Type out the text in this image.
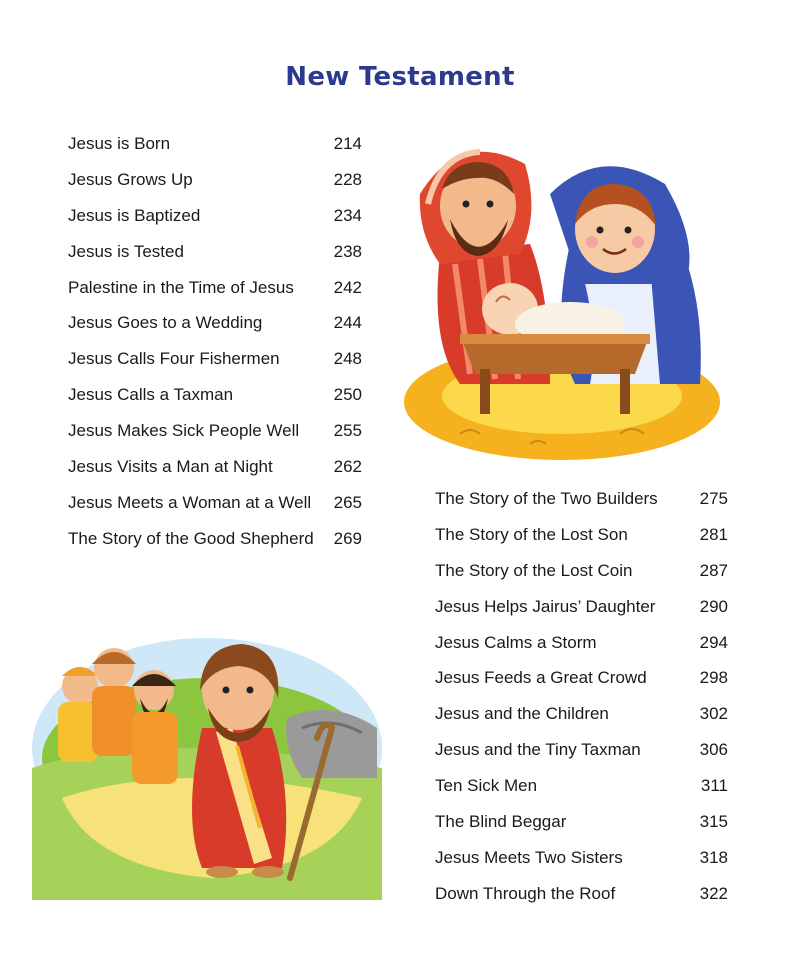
New Testament
Jesus is Born	214
Jesus Grows Up	228
Jesus is Baptized	234
Jesus is Tested	238
Palestine in the Time of Jesus 242
Jesus Goes to a Wedding	244
Jesus Calls Four Fishermen	248
Jesus Calls a Taxman	250
Jesus Makes Sick People Well 255
Jesus Visits a Man at Night	262
Jesus Meets a Woman at a Well 265
The Story of the Good Shepherd 269
The Story of the Two Builders 275
The Story of the Lost Son	281
The Story of the Lost Coin	287
Jesus Helps Jairus’ Daughter	290
Jesus Calms a Storm	294
Jesus Feeds a Great Crowd	298
Jesus and the Children	302
Jesus and the Tiny Taxman	306
Ten Sick Men	311
The Blind Beggar	315
Jesus Meets Two Sisters	318
Down Through the Roof	322
